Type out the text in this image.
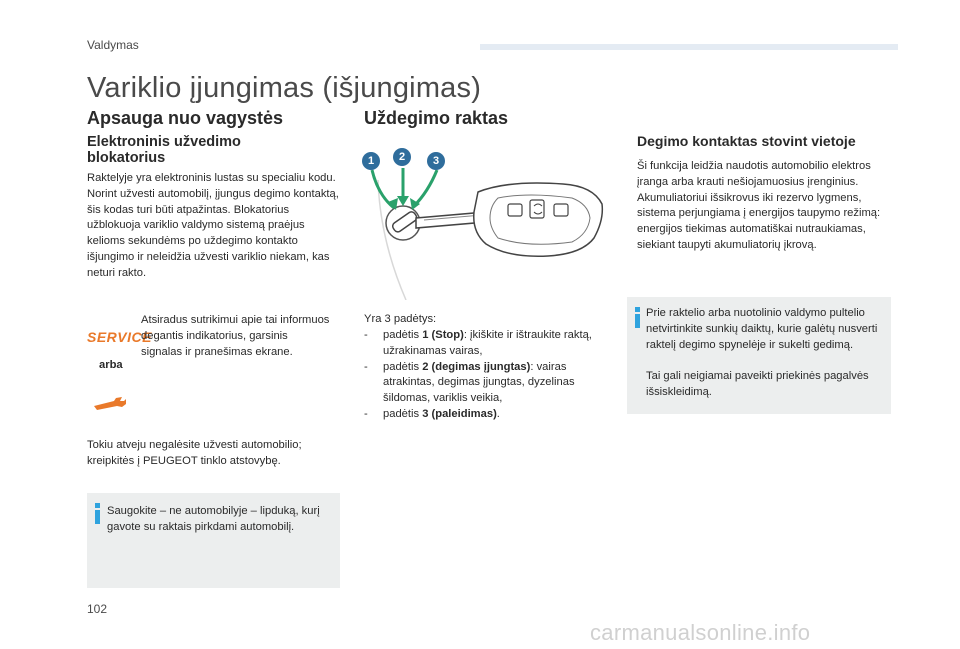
Valdymas
Variklio įjungimas (išjungimas)
Apsauga nuo vagystės
Elektroninis užvedimo blokatorius

Raktelyje yra elektroninis lustas su specialiu kodu. Norint užvesti automobilį, įjungus degimo kontaktą, šis kodas turi būti atpažintas. Blokatorius užblokuoja variklio valdymo sistemą praėjus kelioms sekundėms po uždegimo kontakto išjungimo ir neleidžia užvesti variklio niekam, kas neturi rakto.

SERVICE
arba

Atsiradus sutrikimui apie tai informuos degantis indikatorius, garsinis signalas ir pranešimas ekrane.

Tokiu atveju negalėsite užvesti automobilio; kreipkitės į PEUGEOT tinklo atstovybę.

Saugokite – ne automobilyje – lipduką, kurį gavote su raktais pirkdami automobilį.

Uždegimo raktas
1	2	3

Yra 3 padėtys:

- padėtis 1 (Stop): įkiškite ir ištraukite raktą, užrakinamas vairas,
- padėtis 2 (degimas įjungtas): vairas atrakintas, degimas įjungtas, dyzelinas šildomas, variklis veikia,
- padėtis 3 (paleidimas).
Degimo kontaktas stovint vietoje

Ši funkcija leidžia naudotis automobilio elektros įranga arba krauti nešiojamuosius įrenginius. Akumuliatoriui išsikrovus iki rezervo lygmens, sistema perjungiama į energijos taupymo režimą: energijos tiekimas automatiškai nutraukiamas, siekiant taupyti akumuliatorių įkrovą.

Prie raktelio arba nuotolinio valdymo pultelio netvirtinkite sunkių daiktų, kurie galėtų nusverti raktelį degimo spynelėje ir sukelti gedimą.

Tai gali neigiamai paveikti priekinės pagalvės išsiskleidimą.

102
carmanualsonline.info
